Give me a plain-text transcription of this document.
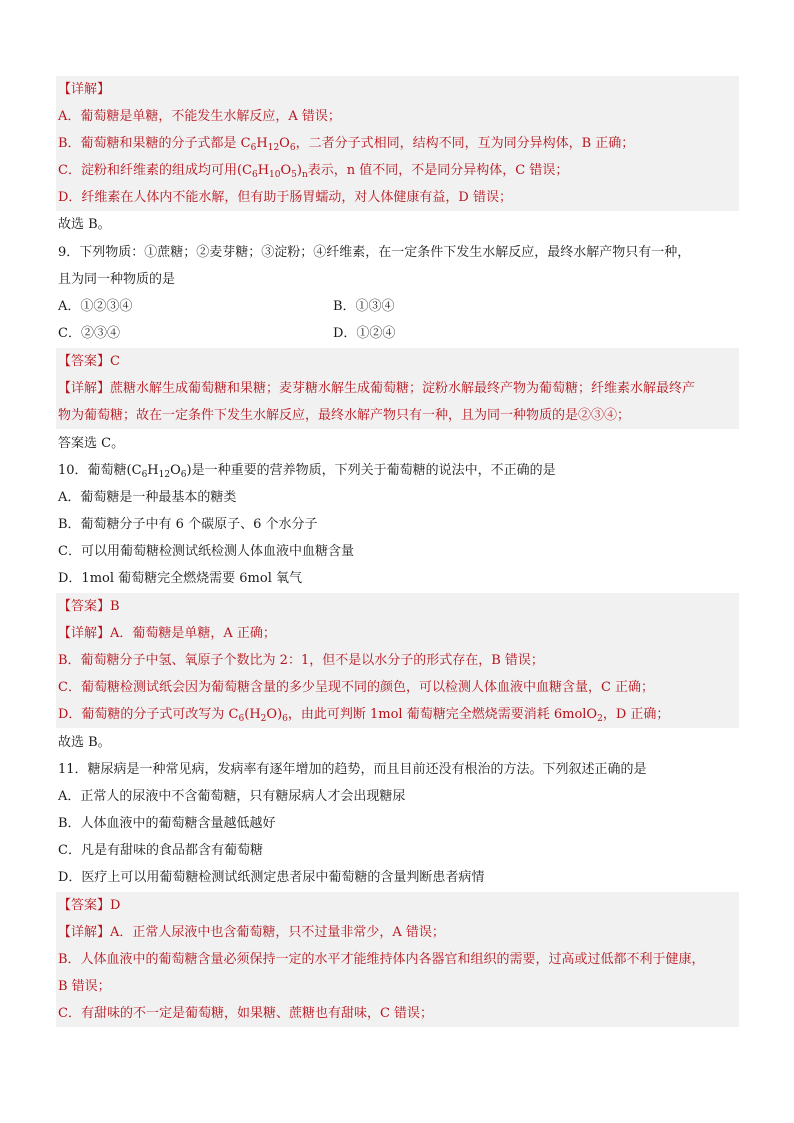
【详解】
A．葡萄糖是单糖，不能发生水解反应，A 错误；
B．葡萄糖和果糖的分子式都是 $C_6H_{12}O_6$，二者分子式相同，结构不同，互为同分异构体，B 正确；
C．淀粉和纤维素的组成均可用$(C_6H_{10}O_5)_n$表示，n 值不同，不是同分异构体，C 错误；
D．纤维素在人体内不能水解，但有助于肠胃蠕动，对人体健康有益，D 错误；
故选 B。
9．下列物质：①蔗糖；②麦芽糖；③淀粉；④纤维素，在一定条件下发生水解反应，最终水解产物只有一种，
且为同一种物质的是
A．①②③④	B．①③④
C．②③④	D．①②④
【答案】C
【详解】蔗糖水解生成葡萄糖和果糖；麦芽糖水解生成葡萄糖；淀粉水解最终产物为葡萄糖；纤维素水解最终产
物为葡萄糖；故在一定条件下发生水解反应，最终水解产物只有一种，且为同一种物质的是②③④；
答案选 C。
10．葡萄糖$(C_6H_{12}O_6)$是一种重要的营养物质，下列关于葡萄糖的说法中，不正确的是
A．葡萄糖是一种最基本的糖类
B．葡萄糖分子中有 6 个碳原子、6 个水分子
C．可以用葡萄糖检测试纸检测人体血液中血糖含量
D．1mol 葡萄糖完全燃烧需要 6mol 氧气
【答案】B
【详解】A．葡萄糖是单糖，A 正确；
B．葡萄糖分子中氢、氧原子个数比为 2：1，但不是以水分子的形式存在，B 错误；
C．葡萄糖检测试纸会因为葡萄糖含量的多少呈现不同的颜色，可以检测人体血液中血糖含量，C 正确；
D．葡萄糖的分子式可改写为 $C_6(H_2O)_6$，由此可判断 1mol 葡萄糖完全燃烧需要消耗 6molO$_2$，D 正确；
故选 B。
11．糖尿病是一种常见病，发病率有逐年增加的趋势，而且目前还没有根治的方法。下列叙述正确的是
A．正常人的尿液中不含葡萄糖，只有糖尿病人才会出现糖尿
B．人体血液中的葡萄糖含量越低越好
C．凡是有甜味的食品都含有葡萄糖
D．医疗上可以用葡萄糖检测试纸测定患者尿中葡萄糖的含量判断患者病情
【答案】D
【详解】A．正常人尿液中也含葡萄糖，只不过量非常少，A 错误；
B．人体血液中的葡萄糖含量必须保持一定的水平才能维持体内各器官和组织的需要，过高或过低都不利于健康，
B 错误；
C．有甜味的不一定是葡萄糖，如果糖、蔗糖也有甜味，C 错误；
